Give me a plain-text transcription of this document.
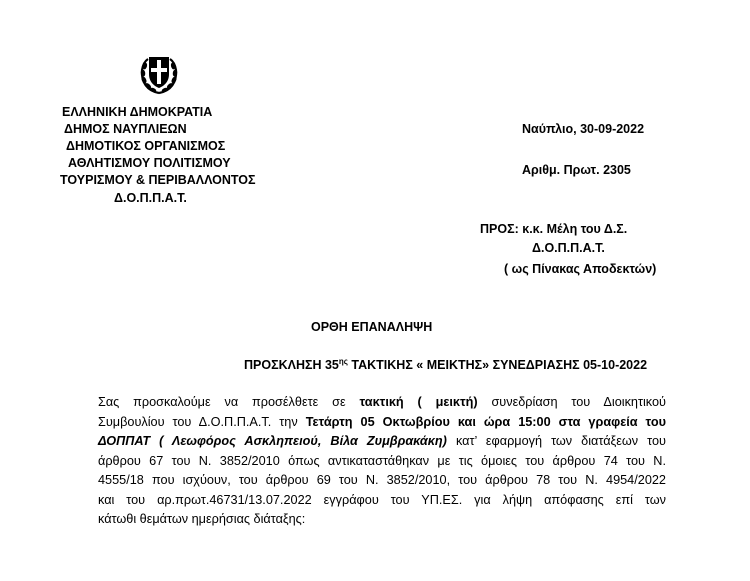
ΕΛΛΗΝΙΚΗ ΔΗΜΟΚΡΑΤΙΑ
ΔΗΜΟΣ ΝΑΥΠΛΙΕΩΝ
ΔΗΜΟΤΙΚΟΣ ΟΡΓΑΝΙΣΜΟΣ
ΑΘΛΗΤΙΣΜΟΥ ΠΟΛΙΤΙΣΜΟΥ
ΤΟΥΡΙΣΜΟΥ & ΠΕΡΙΒΑΛΛΟΝΤΟΣ
Δ.Ο.Π.Π.Α.Τ.
Ναύπλιο, 30-09-2022
Αριθμ. Πρωτ. 2305
ΠΡΟΣ: κ.κ. Μέλη του Δ.Σ.
Δ.Ο.Π.Π.Α.Τ.
( ως Πίνακας Αποδεκτών)
ΟΡΘΗ ΕΠΑΝΑΛΗΨΗ
ΠΡΟΣΚΛΗΣΗ $35^{\eta\varsigma}$ ΤΑΚΤΙΚΗΣ « ΜΕΙΚΤΗΣ» ΣΥΝΕΔΡΙΑΣΗΣ 05-10-2022
Σας προσκαλούμε να προσέλθετε σε τακτική ( μεικτή) συνεδρίαση του Διοικητικού
Συμβουλίου του Δ.Ο.Π.Π.Α.Τ. την Τετάρτη 05 Οκτωβρίου και ώρα 15:00 στα γραφεία του
ΔΟΠΠΑΤ ( Λεωφόρος Ασκληπειού, Βίλα Ζυμβρακάκη) κατ’ εφαρμογή των διατάξεων του
άρθρου 67 του Ν. 3852/2010 όπως αντικαταστάθηκαν με τις όμοιες του άρθρου 74 του Ν.
4555/18 που ισχύουν, του άρθρου 69 του Ν. 3852/2010, του άρθρου 78 του Ν. 4954/2022
και του αρ.πρωτ.46731/13.07.2022 εγγράφου του ΥΠ.ΕΣ. για λήψη απόφασης επί των
κάτωθι θεμάτων ημερήσιας διάταξης:
